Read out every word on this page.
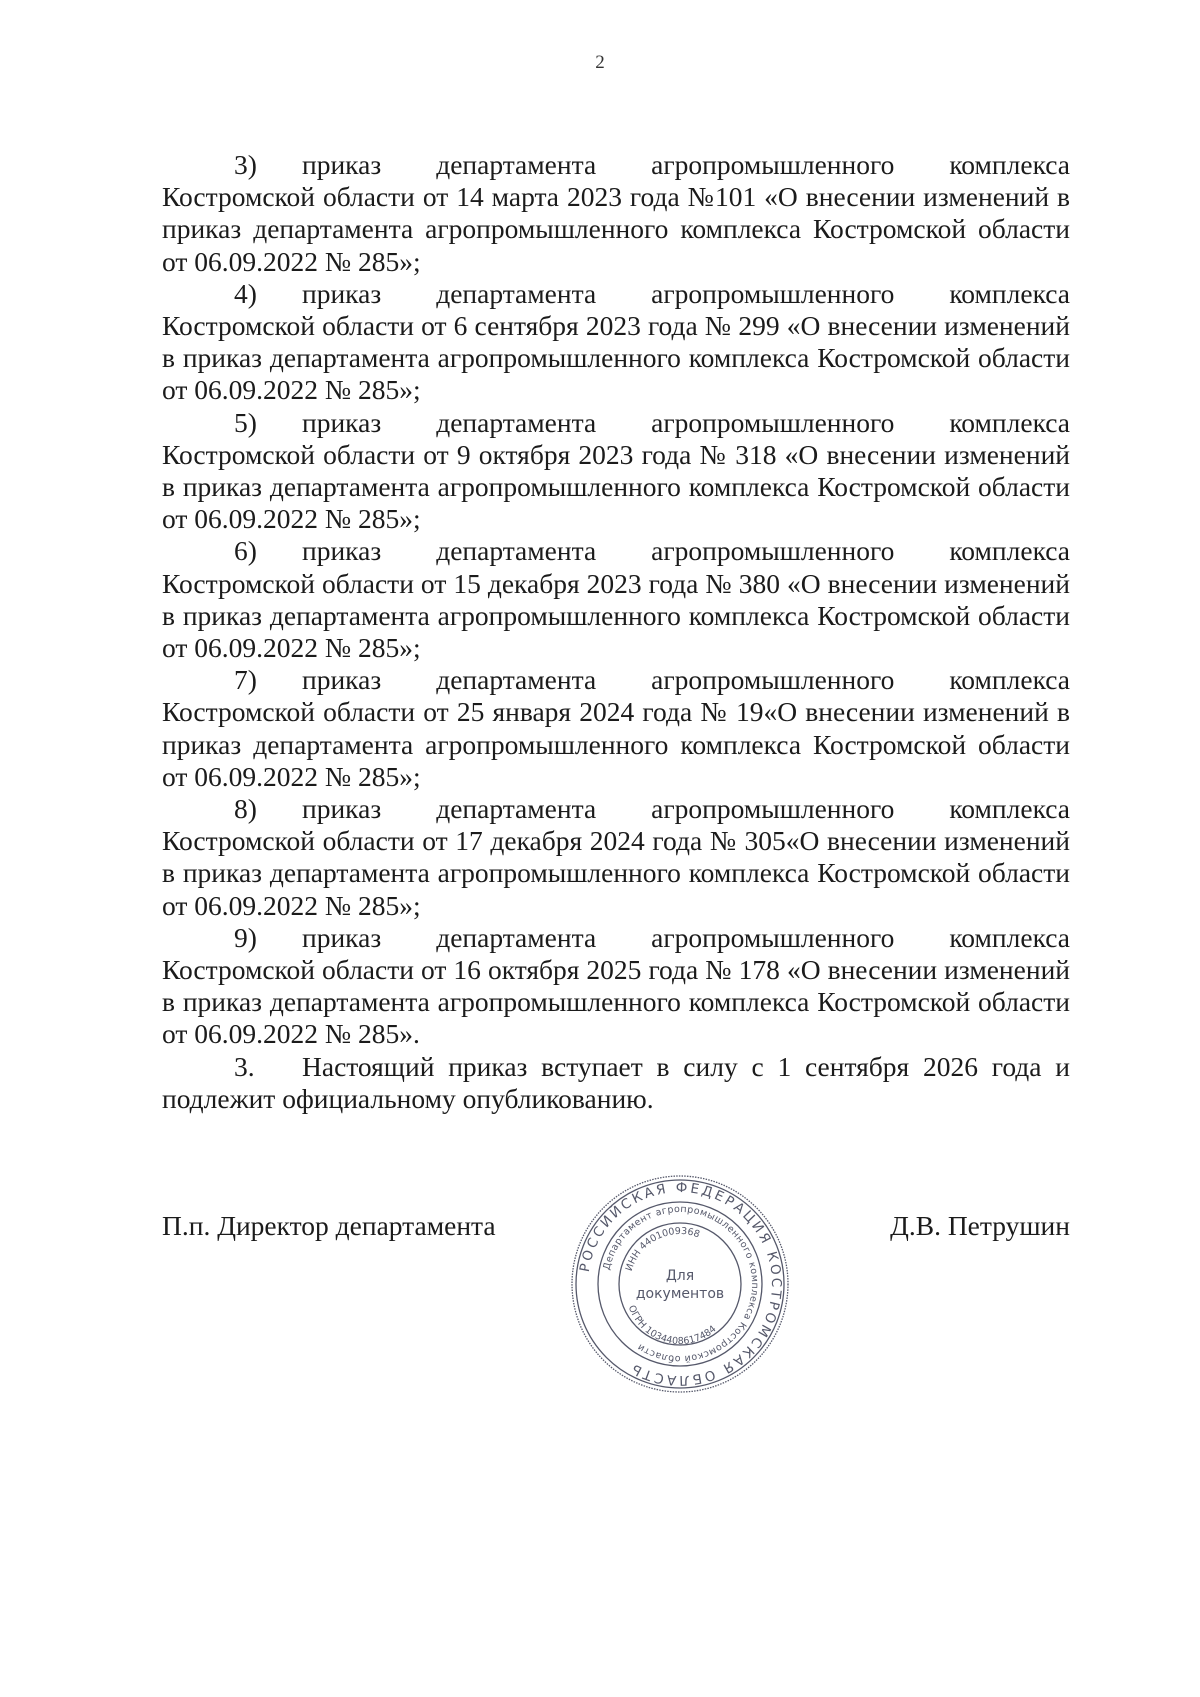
2

3) приказ департамента агропромышленного комплекса Костромской области от 14 марта 2023 года №101 «О внесении изменений в приказ департамента агропромышленного комплекса Костромской области от 06.09.2022 № 285»;

4) приказ департамента агропромышленного комплекса Костромской области от 6 сентября 2023 года № 299 «О внесении изменений в приказ департамента агропромышленного комплекса Костромской области от 06.09.2022 № 285»;

5) приказ департамента агропромышленного комплекса Костромской области от 9 октября 2023 года № 318 «О внесении изменений в приказ департамента агропромышленного комплекса Костромской области от 06.09.2022 № 285»;

6) приказ департамента агропромышленного комплекса Костромской области от 15 декабря 2023 года № 380 «О внесении изменений в приказ департамента агропромышленного комплекса Костромской области от 06.09.2022 № 285»;

7) приказ департамента агропромышленного комплекса Костромской области от 25 января 2024 года № 19«О внесении изменений в приказ департамента агропромышленного комплекса Костромской области от 06.09.2022 № 285»;

8) приказ департамента агропромышленного комплекса Костромской области от 17 декабря 2024 года № 305«О внесении изменений в приказ департамента агропромышленного комплекса Костромской области от 06.09.2022 № 285»;

9) приказ департамента агропромышленного комплекса Костромской области от 16 октября 2025 года № 178 «О внесении изменений в приказ департамента агропромышленного комплекса Костромской области от 06.09.2022 № 285».

3. Настоящий приказ вступает в силу с 1 сентября 2026 года и подлежит официальному опубликованию.

П.п. Директор департамента	Д.В. Петрушин
РОССИЙСКАЯ ФЕДЕРАЦИЯ КОСТРОМСКАЯ ОБЛАСТЬ
Департамент агропромышленного комплекса Костромской области
ИНН 4401009368
ОГРН 1034408617484
Для
документов
